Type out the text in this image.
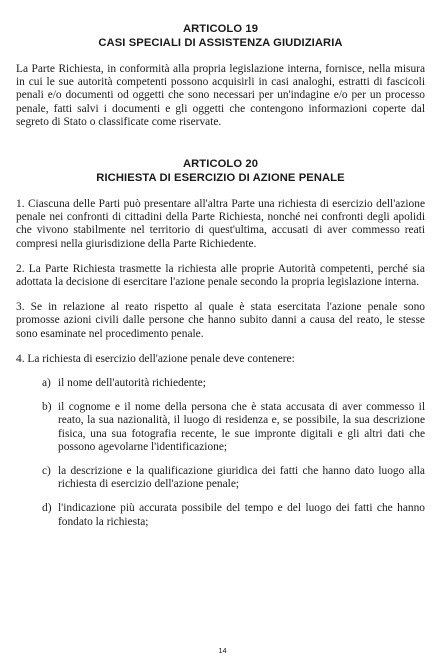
ARTICOLO 19
CASI SPECIALI DI ASSISTENZA GIUDIZIARIA

La Parte Richiesta, in conformità alla propria legislazione interna, fornisce, nella misura in cui le sue autorità competenti possono acquisirli in casi analoghi, estratti di fascicoli penali e/o documenti od oggetti che sono necessari per un'indagine e/o per un processo penale, fatti salvi i documenti e gli oggetti che contengono informazioni coperte dal segreto di Stato o classificate come riservate.

ARTICOLO 20
RICHIESTA DI ESERCIZIO DI AZIONE PENALE

1. Ciascuna delle Parti può presentare all'altra Parte una richiesta di esercizio dell'azione penale nei confronti di cittadini della Parte Richiesta, nonché nei confronti degli apolidi che vivono stabilmente nel territorio di quest'ultima, accusati di aver commesso reati compresi nella giurisdizione della Parte Richiedente.

2. La Parte Richiesta trasmette la richiesta alle proprie Autorità competenti, perché sia adottata la decisione di esercitare l'azione penale secondo la propria legislazione interna.

3. Se in relazione al reato rispetto al quale è stata esercitata l'azione penale sono promosse azioni civili dalle persone che hanno subito danni a causa del reato, le stesse sono esaminate nel procedimento penale.

4. La richiesta di esercizio dell'azione penale deve contenere:

a) il nome dell'autorità richiedente;
b) il cognome e il nome della persona che è stata accusata di aver commesso il reato, la sua nazionalità, il luogo di residenza e, se possibile, la sua descrizione fisica, una sua fotografia recente, le sue impronte digitali e gli altri dati che possono agevolarne l'identificazione;
c) la descrizione e la qualificazione giuridica dei fatti che hanno dato luogo alla richiesta di esercizio dell'azione penale;
d) l'indicazione più accurata possibile del tempo e del luogo dei fatti che hanno fondato la richiesta;
14
